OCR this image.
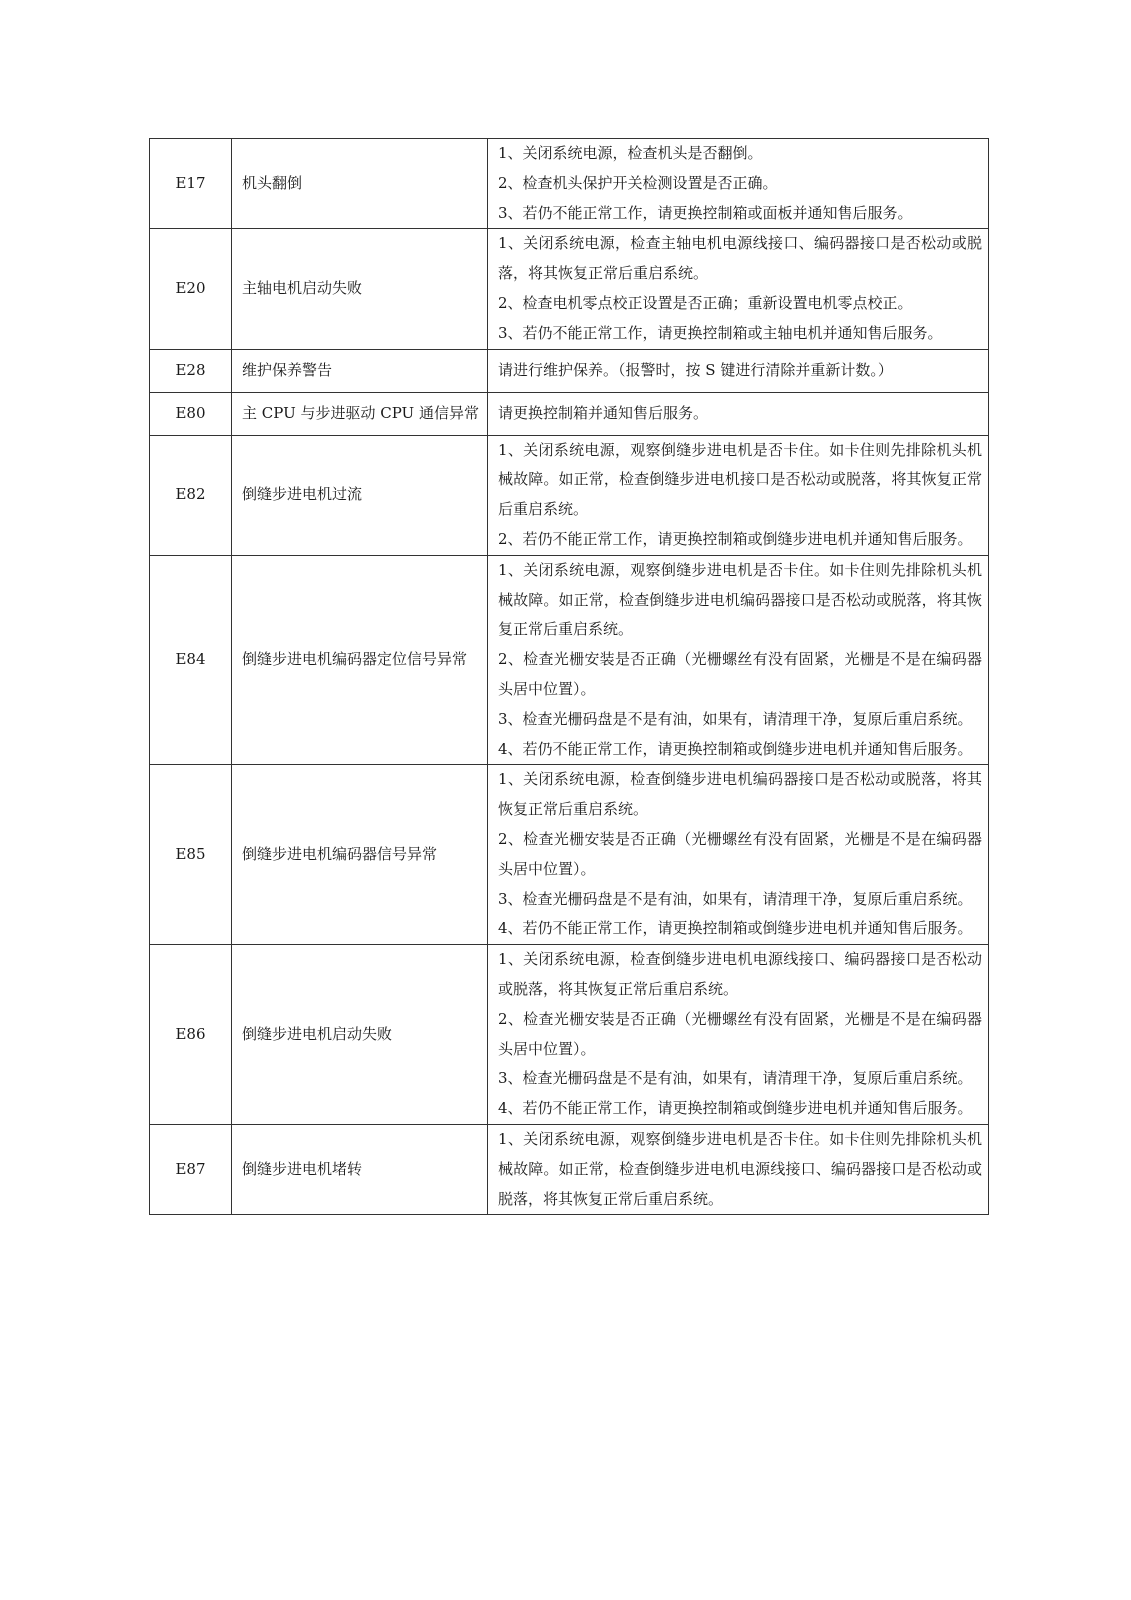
E17	机头翻倒	1、关闭系统电源，检查机头是否翻倒。
2、检查机头保护开关检测设置是否正确。
3、若仍不能正常工作，请更换控制箱或面板并通知售后服务。

E20	主轴电机启动失败	1、关闭系统电源，检查主轴电机电源线接口、编码器接口是否松动或脱落，将其恢复正常后重启系统。
2、检查电机零点校正设置是否正确；重新设置电机零点校正。
3、若仍不能正常工作，请更换控制箱或主轴电机并通知售后服务。

E28	维护保养警告	请进行维护保养。（报警时，按 S 键进行清除并重新计数。）

E80	主 CPU 与步进驱动 CPU 通信异常	请更换控制箱并通知售后服务。

E82	倒缝步进电机过流	1、关闭系统电源，观察倒缝步进电机是否卡住。如卡住则先排除机头机械故障。如正常，检查倒缝步进电机接口是否松动或脱落，将其恢复正常后重启系统。
2、若仍不能正常工作，请更换控制箱或倒缝步进电机并通知售后服务。

E84	倒缝步进电机编码器定位信号异常	1、关闭系统电源，观察倒缝步进电机是否卡住。如卡住则先排除机头机械故障。如正常，检查倒缝步进电机编码器接口是否松动或脱落，将其恢复正常后重启系统。
2、检查光栅安装是否正确（光栅螺丝有没有固紧，光栅是不是在编码器头居中位置）。
3、检查光栅码盘是不是有油，如果有，请清理干净，复原后重启系统。
4、若仍不能正常工作，请更换控制箱或倒缝步进电机并通知售后服务。

E85	倒缝步进电机编码器信号异常	1、关闭系统电源，检查倒缝步进电机编码器接口是否松动或脱落，将其恢复正常后重启系统。
2、检查光栅安装是否正确（光栅螺丝有没有固紧，光栅是不是在编码器头居中位置）。
3、检查光栅码盘是不是有油，如果有，请清理干净，复原后重启系统。
4、若仍不能正常工作，请更换控制箱或倒缝步进电机并通知售后服务。

E86	倒缝步进电机启动失败	1、关闭系统电源，检查倒缝步进电机电源线接口、编码器接口是否松动或脱落，将其恢复正常后重启系统。
2、检查光栅安装是否正确（光栅螺丝有没有固紧，光栅是不是在编码器头居中位置）。
3、检查光栅码盘是不是有油，如果有，请清理干净，复原后重启系统。
4、若仍不能正常工作，请更换控制箱或倒缝步进电机并通知售后服务。

E87	倒缝步进电机堵转	1、关闭系统电源，观察倒缝步进电机是否卡住。如卡住则先排除机头机械故障。如正常，检查倒缝步进电机电源线接口、编码器接口是否松动或脱落，将其恢复正常后重启系统。
